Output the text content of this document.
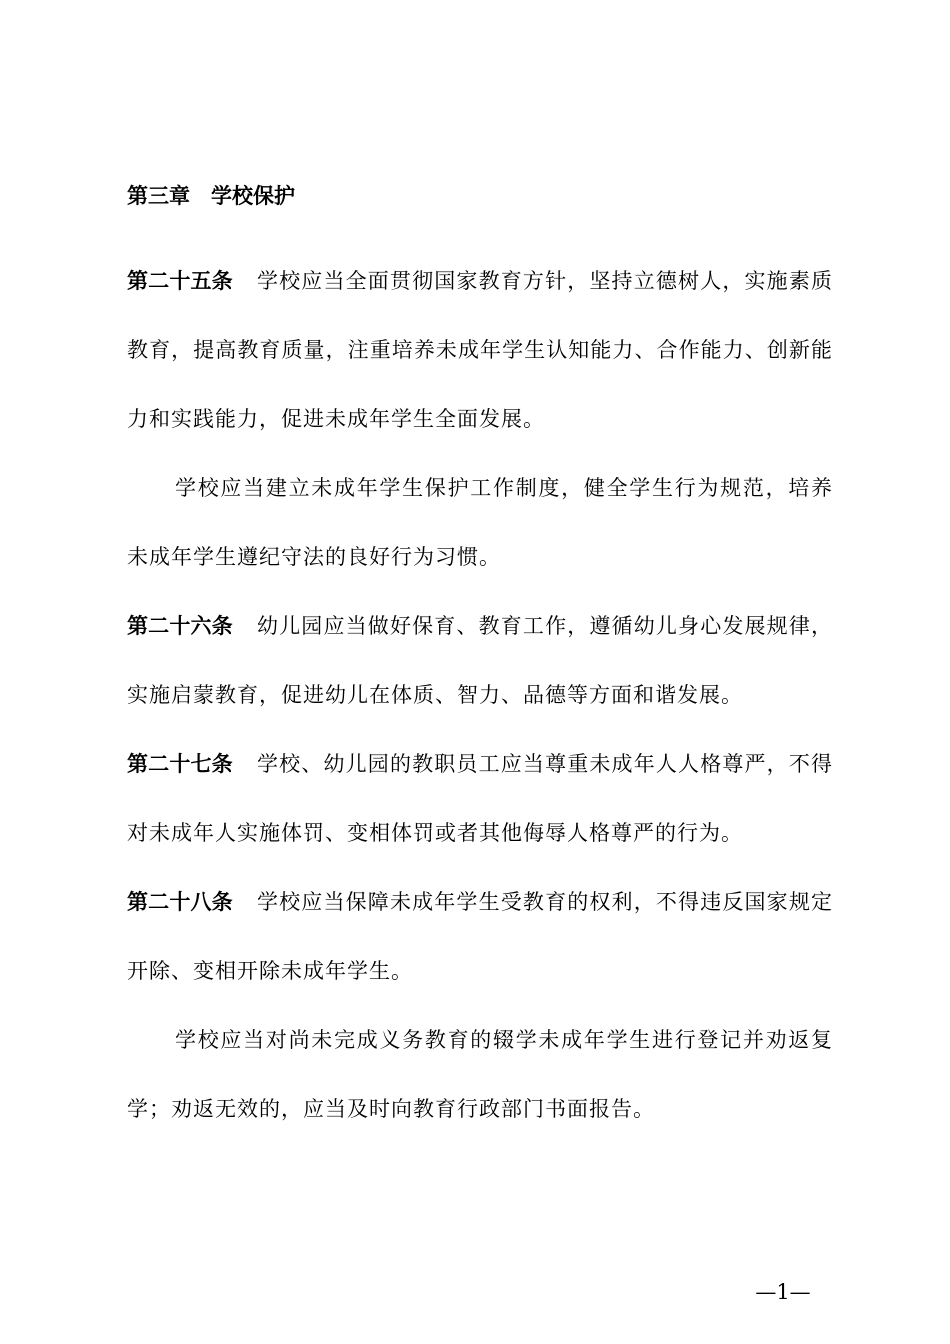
第三章　学校保护

第二十五条 学校应当全面贯彻国家教育方针，坚持立德树人，实施素质教育，提高教育质量，注重培养未成年学生认知能力、合作能力、创新能力和实践能力，促进未成年学生全面发展。

学校应当建立未成年学生保护工作制度，健全学生行为规范，培养未成年学生遵纪守法的良好行为习惯。

第二十六条 幼儿园应当做好保育、教育工作，遵循幼儿身心发展规律，实施启蒙教育，促进幼儿在体质、智力、品德等方面和谐发展。

第二十七条 学校、幼儿园的教职员工应当尊重未成年人人格尊严，不得对未成年人实施体罚、变相体罚或者其他侮辱人格尊严的行为。

第二十八条 学校应当保障未成年学生受教育的权利，不得违反国家规定开除、变相开除未成年学生。

学校应当对尚未完成义务教育的辍学未成年学生进行登记并劝返复学；劝返无效的，应当及时向教育行政部门书面报告。

—1—
